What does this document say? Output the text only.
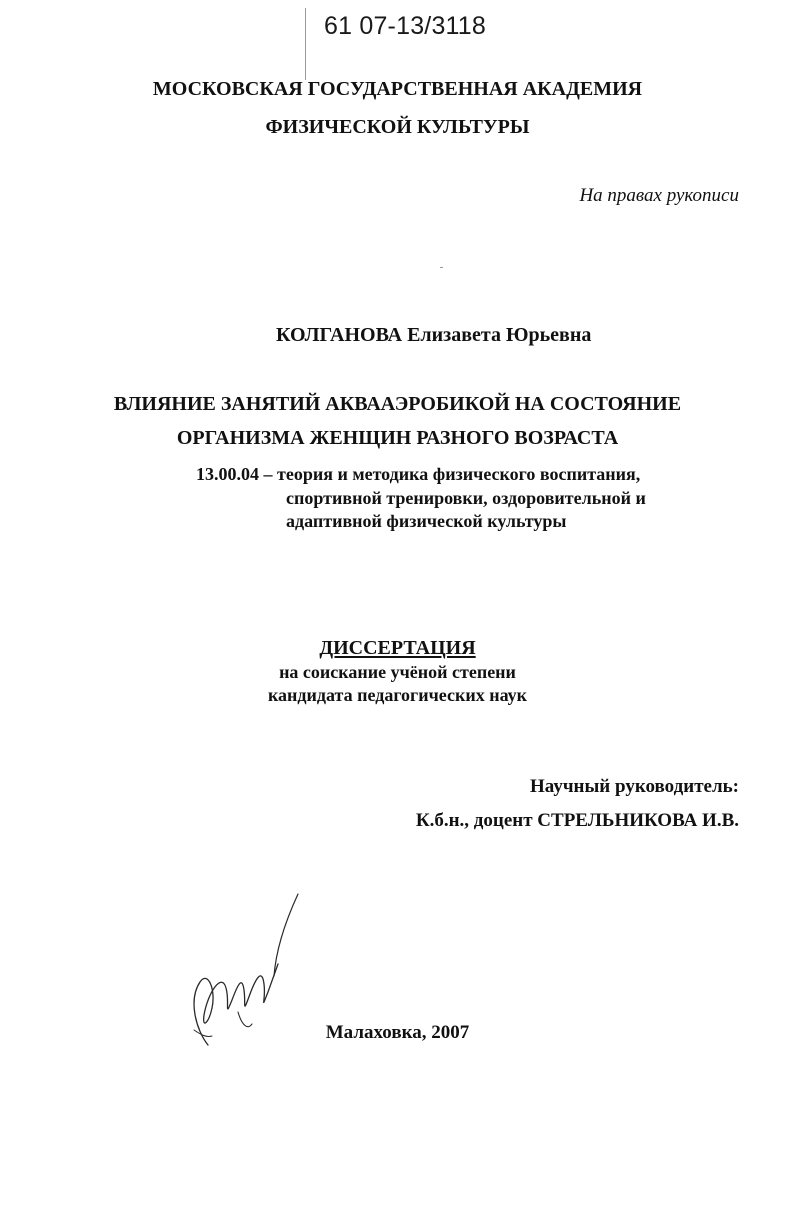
61 07-13/3118
МОСКОВСКАЯ ГОСУДАРСТВЕННАЯ АКАДЕМИЯ
ФИЗИЧЕСКОЙ КУЛЬТУРЫ
На правах рукописи
КОЛГАНОВА Елизавета Юрьевна
ВЛИЯНИЕ ЗАНЯТИЙ АКВААЭРОБИКОЙ НА СОСТОЯНИЕ
ОРГАНИЗМА ЖЕНЩИН РАЗНОГО ВОЗРАСТА
13.00.04 – теория и методика физического воспитания,
спортивной тренировки, оздоровительной и
адаптивной физической культуры
ДИССЕРТАЦИЯ
на соискание учёной степени
кандидата педагогических наук
Научный руководитель:
К.б.н., доцент СТРЕЛЬНИКОВА И.В.
Малаховка, 2007
